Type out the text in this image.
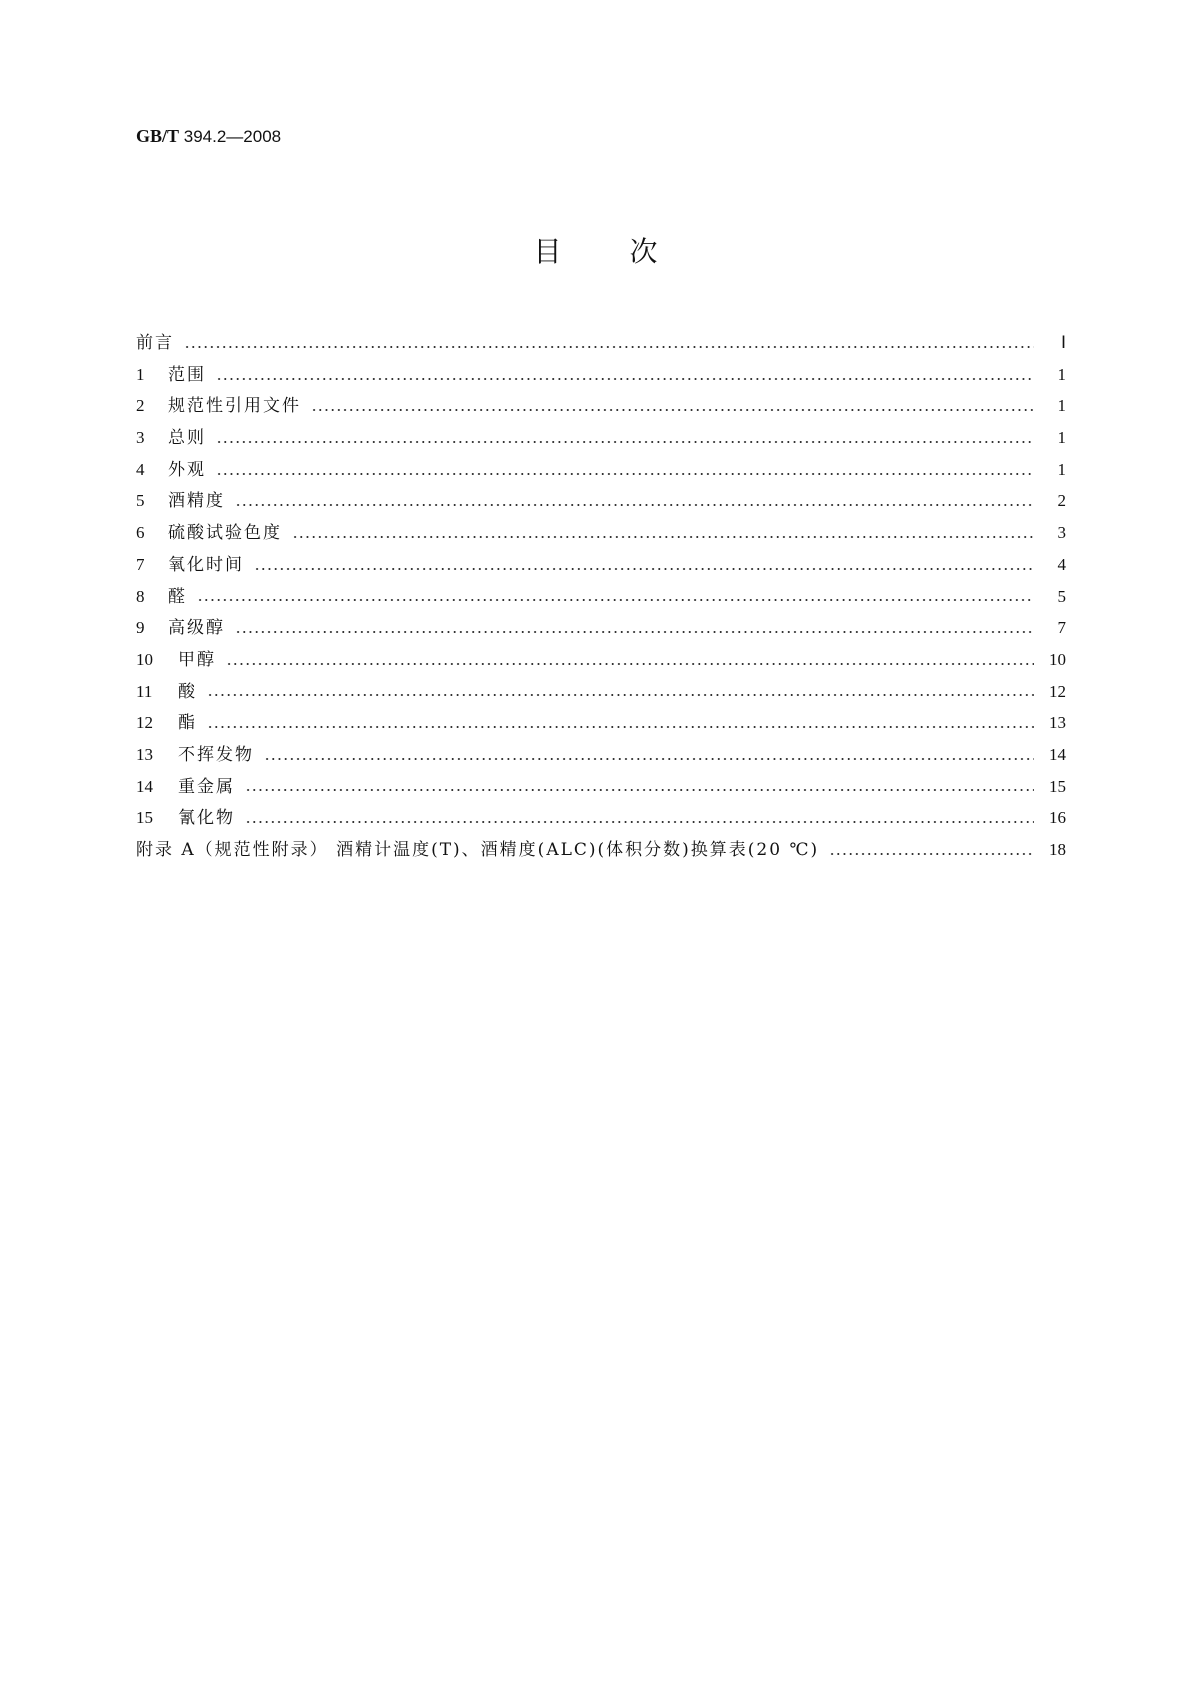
GB/T 394.2—2008
目 次
前言	Ⅰ
1	范围	1
2	规范性引用文件	1
3	总则	1
4	外观	1
5	酒精度	2
6	硫酸试验色度	3
7	氧化时间	4
8	醛	5
9	高级醇	7
10	甲醇	10
11	酸	12
12	酯	13
13	不挥发物	14
14	重金属	15
15	氰化物	16
附录 A（规范性附录） 酒精计温度(T)、酒精度(ALC)(体积分数)换算表(20 ℃)	18
